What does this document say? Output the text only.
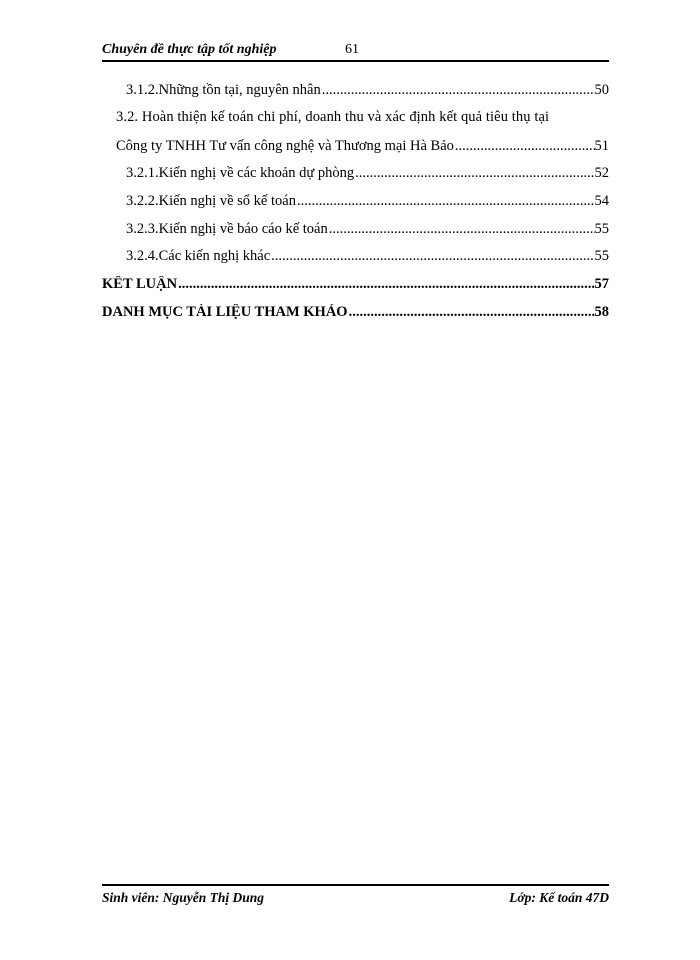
Chuyên đề thực tập tốt nghiệp	61
3.1.2.Những tồn tại, nguyên nhân .....	50
3.2. Hoàn thiện kế toán chi phí, doanh thu và xác định kết quả tiêu thụ tại
Công ty TNHH Tư vấn công nghệ và Thương mại Hà Bảo .....	51
3.2.1.Kiến nghị về các khoản dự phòng .....	52
3.2.2.Kiến nghị về sổ kế toán .....	54
3.2.3.Kiến nghị về báo cáo kế toán .....	55
3.2.4.Các kiến nghị khác .....	55
KẾT LUẬN .....	57
DANH MỤC TÀI LIỆU THAM KHẢO .....	58
Sinh viên: Nguyễn Thị Dung	Lớp: Kế toán 47D
